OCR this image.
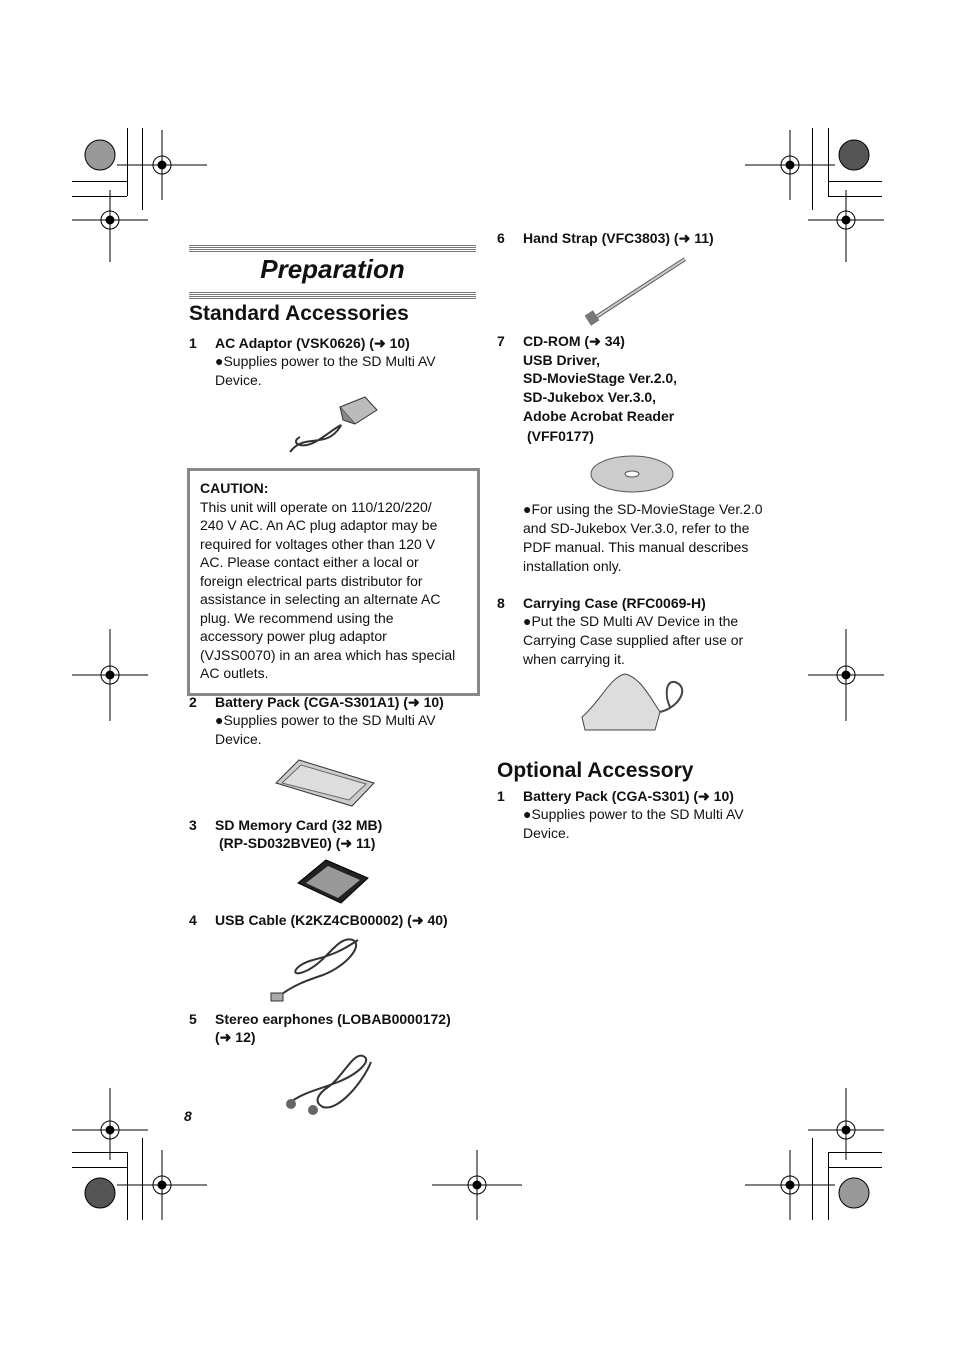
Preparation
Standard Accessories
1 AC Adaptor (VSK0626) (➜ 10)
●Supplies power to the SD Multi AV Device.
CAUTION:
This unit will operate on 110/120/220/ 240 V AC. An AC plug adaptor may be required for voltages other than 120 V AC. Please contact either a local or foreign electrical parts distributor for assistance in selecting an alternate AC plug. We recommend using the accessory power plug adaptor (VJSS0070) in an area which has special AC outlets.
2 Battery Pack (CGA-S301A1) (➜ 10)
●Supplies power to the SD Multi AV Device.
3 SD Memory Card (32 MB)
(RP-SD032BVE0) (➜ 11)
4 USB Cable (K2KZ4CB00002) (➜ 40)
5 Stereo earphones (LOBAB0000172)
(➜ 12)
8
6 Hand Strap (VFC3803) (➜ 11)
7 CD-ROM (➜ 34)
USB Driver,
SD-MovieStage Ver.2.0,
SD-Jukebox Ver.3.0,
Adobe Acrobat Reader
(VFF0177)
●For using the SD-MovieStage Ver.2.0 and SD-Jukebox Ver.3.0, refer to the PDF manual. This manual describes installation only.
8 Carrying Case (RFC0069-H)
●Put the SD Multi AV Device in the Carrying Case supplied after use or when carrying it.
Optional Accessory
1 Battery Pack (CGA-S301) (➜ 10)
●Supplies power to the SD Multi AV Device.
